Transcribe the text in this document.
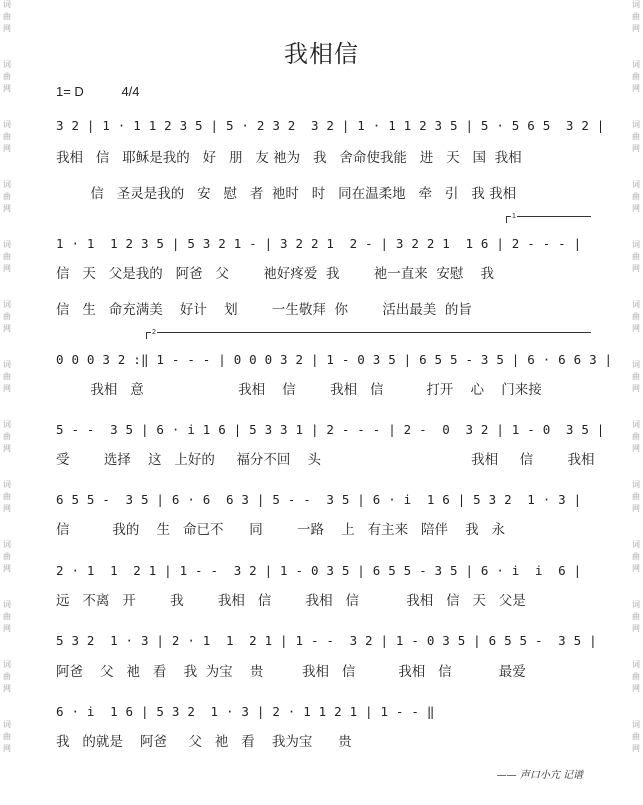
词
曲
网
词
曲
网
词
曲
网
词
曲
网
词
曲
网
词
曲
网
词
曲
网
词
曲
网
词
曲
网
词
曲
网
词
曲
网
词
曲
网
词
曲
网
词
曲
网
词
曲
网
词
曲
网
词
曲
网
词
曲
网
词
曲
网
词
曲
网
词
曲
网
词
曲
网
词
曲
网
词
曲
网
词
曲
网
词
曲
网
我相信
1= D	4/4
3 2 | 1 · 1 1 2 3 5 | 5 · 2 3 2  3 2 | 1 · 1 1 2 3 5 | 5 · 5 6 5  3 2 |
我相   信   耶稣是我的   好   朋   友 祂为   我   舍命使我能   进   天   国  我相
信   圣灵是我的   安   慰   者  祂时   时   同在温柔地   牵   引   我 我相
1
1 · 1  1 2 3 5 | 5 3 2 1 - | 3 2 2 1  2 - | 3 2 2 1  1 6 | 2 - - - |
信   天   父是我的   阿爸   父        祂好疼爱  我        祂一直来  安慰    我
信   生   命充满美    好计    划        一生敬拜  你        活出最美  的旨
2
0 0 0 3 2 :‖ 1 - - - | 0 0 0 3 2 | 1 - 0 3 5 | 6 5 5 - 3 5 | 6 · 6 6 3 |
我相   意                      我相    信        我相   信          打开    心    门来接
5 - -  3 5 | 6 · i 1 6 | 5 3 3 1 | 2 - - - | 2 -  0  3 2 | 1 - 0  3 5 |
受        选择    这   上好的     福分不回    头                                   我相     信        我相
6 5 5 -  3 5 | 6 · 6  6 3 | 5 - -  3 5 | 6 · i  1 6 | 5 3 2  1 · 3 |
信          我的    生   命已不      同        一路    上   有主来   陪伴    我   永
2 · 1  1  2 1 | 1 - -  3 2 | 1 - 0 3 5 | 6 5 5 - 3 5 | 6 · i  i  6 |
远   不离   开        我        我相   信        我相   信           我相   信   天   父是
5 3 2  1 · 3 | 2 · 1  1  2 1 | 1 - -  3 2 | 1 - 0 3 5 | 6 5 5 -  3 5 |
阿爸    父   祂   看    我  为宝    贵         我相   信          我相   信           最爱
6 · i  1 6 | 5 3 2  1 · 3 | 2 · 1 1 2 1 | 1 - - ‖
我   的就是    阿爸     父   祂   看    我为宝      贵
—— 声口小亢 记谱
